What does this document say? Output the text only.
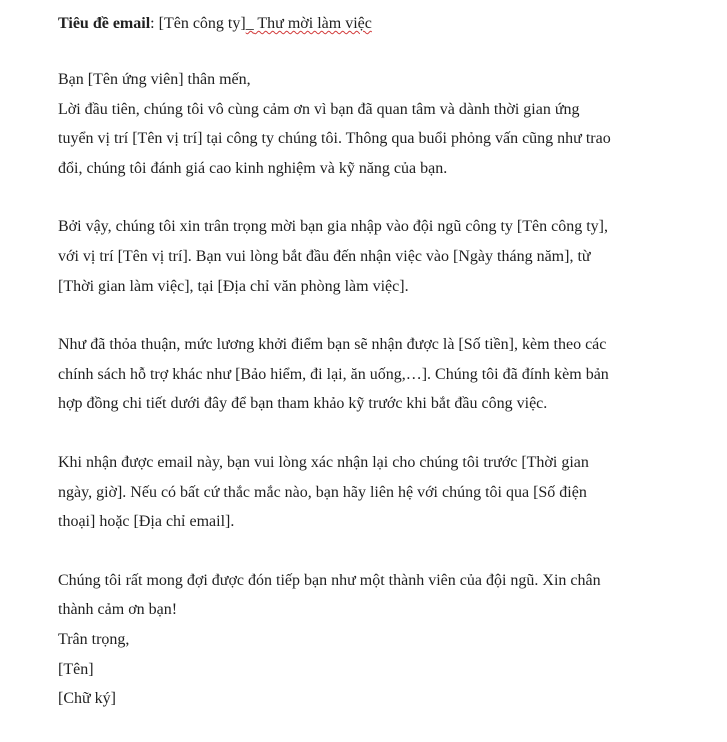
Tiêu đề email: [Tên công ty]_ Thư mời làm việc
Bạn [Tên ứng viên] thân mến,
Lời đầu tiên, chúng tôi vô cùng cảm ơn vì bạn đã quan tâm và dành thời gian ứng
tuyển vị trí [Tên vị trí] tại công ty chúng tôi. Thông qua buổi phỏng vấn cũng như trao
đổi, chúng tôi đánh giá cao kinh nghiệm và kỹ năng của bạn.
Bởi vậy, chúng tôi xin trân trọng mời bạn gia nhập vào đội ngũ công ty [Tên công ty],
với vị trí [Tên vị trí]. Bạn vui lòng bắt đầu đến nhận việc vào [Ngày tháng năm], từ
[Thời gian làm việc], tại [Địa chỉ văn phòng làm việc].
Như đã thỏa thuận, mức lương khởi điểm bạn sẽ nhận được là [Số tiền], kèm theo các
chính sách hỗ trợ khác như [Bảo hiểm, đi lại, ăn uống,…]. Chúng tôi đã đính kèm bản
hợp đồng chi tiết dưới đây để bạn tham khảo kỹ trước khi bắt đầu công việc.
Khi nhận được email này, bạn vui lòng xác nhận lại cho chúng tôi trước [Thời gian
ngày, giờ]. Nếu có bất cứ thắc mắc nào, bạn hãy liên hệ với chúng tôi qua [Số điện
thoại] hoặc [Địa chỉ email].
Chúng tôi rất mong đợi được đón tiếp bạn như một thành viên của đội ngũ. Xin chân
thành cảm ơn bạn!
Trân trọng,
[Tên]
[Chữ ký]
